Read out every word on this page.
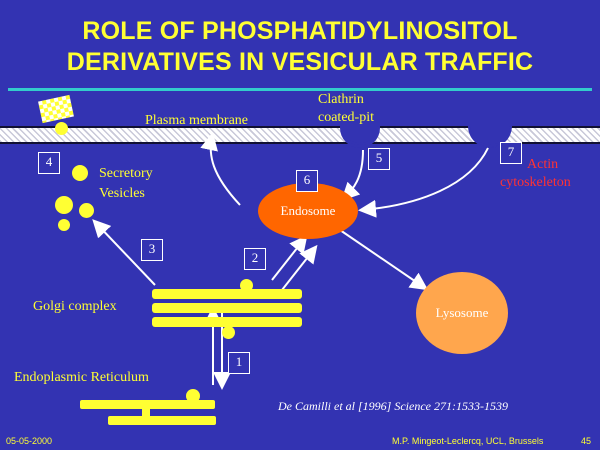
ROLE OF PHOSPHATIDYLINOSITOL
DERIVATIVES IN VESICULAR TRAFFIC
Endosome
Lysosome
Plasma membrane
Clathrin
coated-pit
Secretory
Vesicles
Golgi complex
Endoplasmic Reticulum
Actin
cytoskeleton
4
3
2
1
6
5	7
De Camilli et al [1996] Science 271:1533-1539
05-05-2000	M.P. Mingeot-Leclercq, UCL, Brussels	45
